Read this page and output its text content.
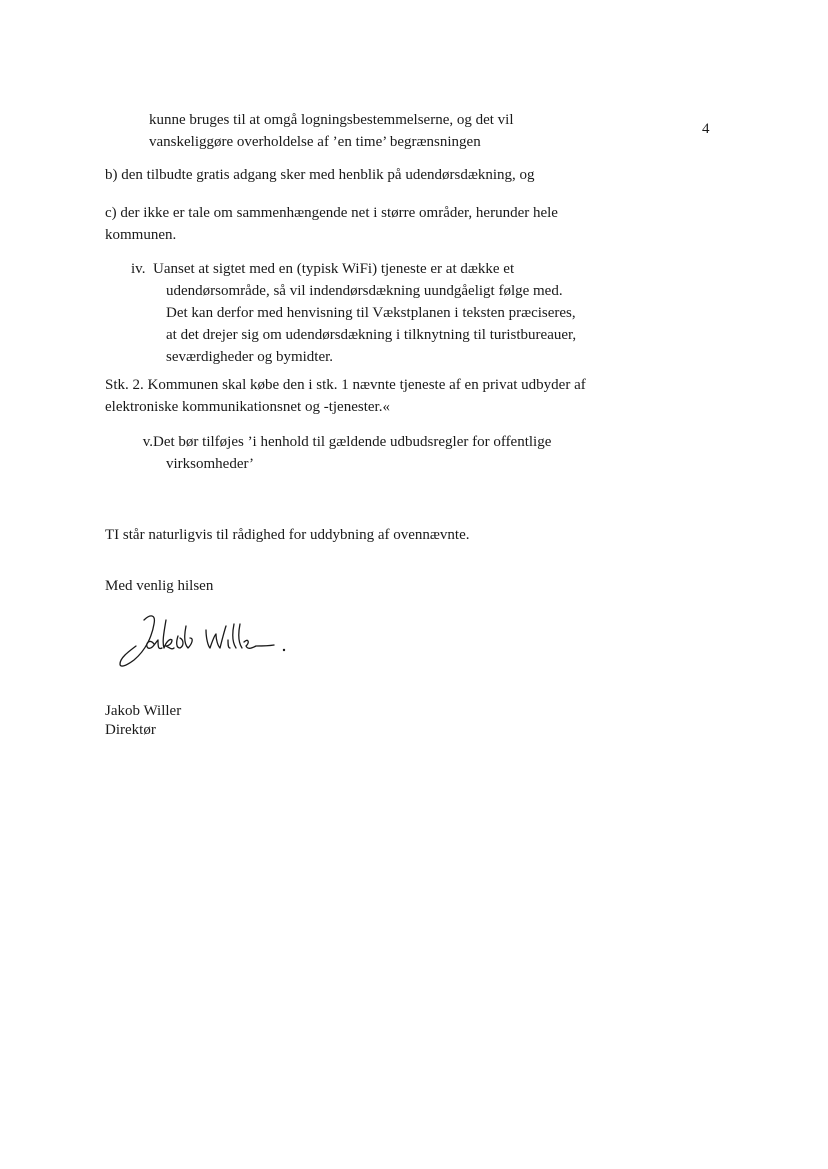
4

kunne bruges til at omgå logningsbestemmelserne, og det vil
vanskeliggøre overholdelse af ’en time’ begrænsningen

b) den tilbudte gratis adgang sker med henblik på udendørsdækning, og

c) der ikke er tale om sammenhængende net i større områder, herunder hele
kommunen.
iv. Uanset at sigtet med en (typisk WiFi) tjeneste er at dække et
udendørsområde, så vil indendørsdækning uundgåeligt følge med.
Det kan derfor med henvisning til Vækstplanen i teksten præciseres,
at det drejer sig om udendørsdækning i tilknytning til turistbureauer,
seværdigheder og bymidter.
Stk. 2. Kommunen skal købe den i stk. 1 nævnte tjeneste af en privat udbyder af
elektroniske kommunikationsnet og -tjenester.«
v. Det bør tilføjes ’i henhold til gældende udbudsregler for offentlige
virksomheder’

TI står naturligvis til rådighed for uddybning af ovennævnte.

Med venlig hilsen

Jakob Willer

Direktør
